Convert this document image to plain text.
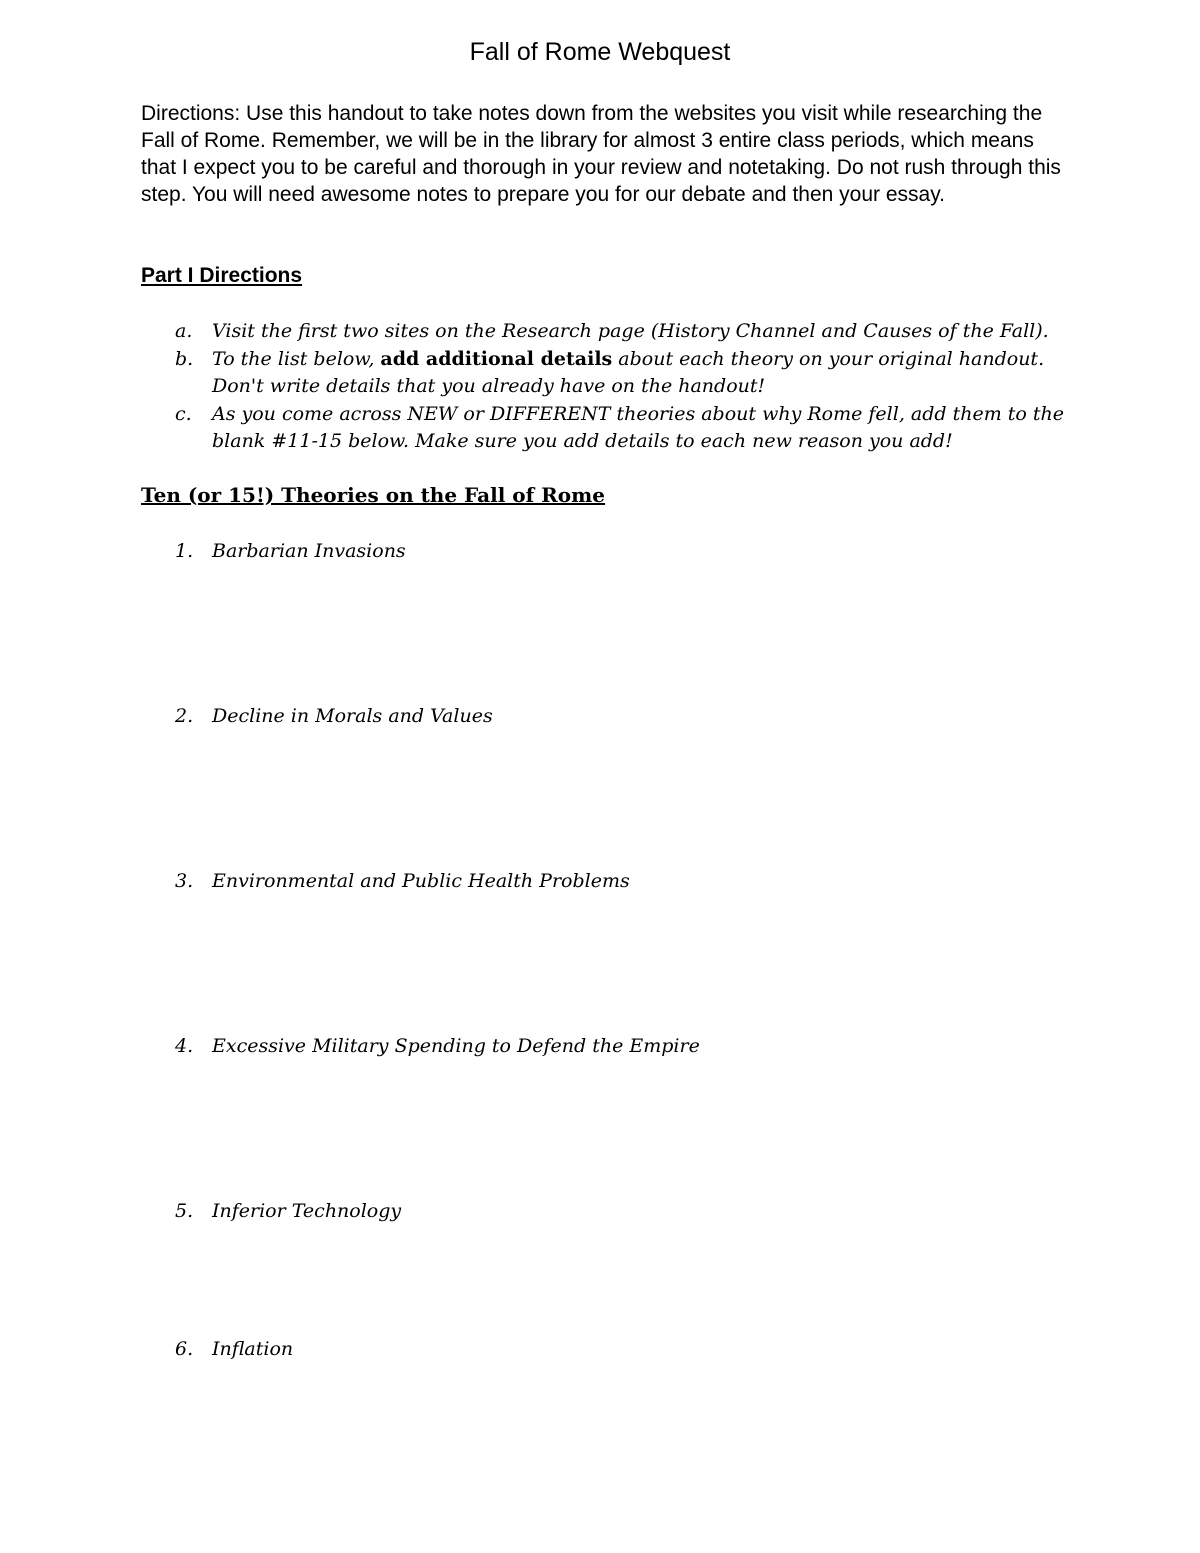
Fall of Rome Webquest

Directions: Use this handout to take notes down from the websites you visit while researching the Fall of Rome. Remember, we will be in the library for almost 3 entire class periods, which means that I expect you to be careful and thorough in your review and notetaking. Do not rush through this step. You will need awesome notes to prepare you for our debate and then your essay.

Part I Directions
a. Visit the first two sites on the Research page (History Channel and Causes of the Fall).
b. To the list below, add additional details about each theory on your original handout. Don't write details that you already have on the handout!
c. As you come across NEW or DIFFERENT theories about why Rome fell, add them to the blank #11-15 below. Make sure you add details to each new reason you add!
Ten (or 15!) Theories on the Fall of Rome
1. Barbarian Invasions
2. Decline in Morals and Values
3. Environmental and Public Health Problems
4. Excessive Military Spending to Defend the Empire
5. Inferior Technology
6. Inflation
